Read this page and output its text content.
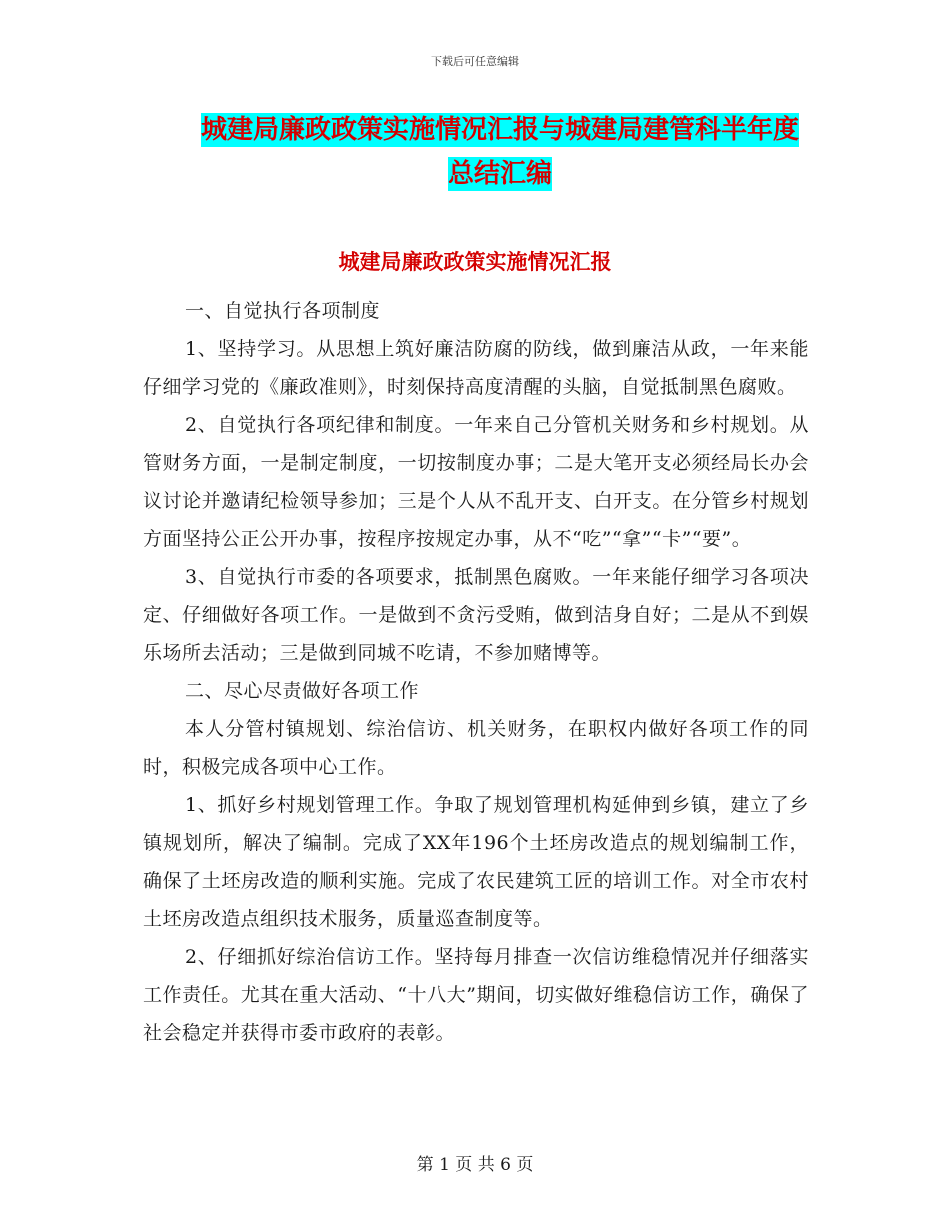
下载后可任意编辑
城建局廉政政策实施情况汇报与城建局建管科半年度
总结汇编
城建局廉政政策实施情况汇报

一、自觉执行各项制度

1、坚持学习。从思想上筑好廉洁防腐的防线，做到廉洁从政，一年来能仔细学习党的《廉政准则》，时刻保持高度清醒的头脑，自觉抵制黑色腐败。

2、自觉执行各项纪律和制度。一年来自己分管机关财务和乡村规划。从管财务方面，一是制定制度，一切按制度办事；二是大笔开支必须经局长办会议讨论并邀请纪检领导参加；三是个人从不乱开支、白开支。在分管乡村规划方面坚持公正公开办事，按程序按规定办事，从不“吃”“拿”“卡”“要”。

3、自觉执行市委的各项要求，抵制黑色腐败。一年来能仔细学习各项决定、仔细做好各项工作。一是做到不贪污受贿，做到洁身自好；二是从不到娱乐场所去活动；三是做到同城不吃请，不参加赌博等。

二、尽心尽责做好各项工作

本人分管村镇规划、综治信访、机关财务，在职权内做好各项工作的同时，积极完成各项中心工作。

1、抓好乡村规划管理工作。争取了规划管理机构延伸到乡镇，建立了乡镇规划所，解决了编制。完成了XX年196个土坯房改造点的规划编制工作，确保了土坯房改造的顺利实施。完成了农民建筑工匠的培训工作。对全市农村土坯房改造点组织技术服务，质量巡查制度等。

2、仔细抓好综治信访工作。坚持每月排查一次信访维稳情况并仔细落实工作责任。尤其在重大活动、“十八大”期间，切实做好维稳信访工作，确保了社会稳定并获得市委市政府的表彰。

第 1 页 共 6 页
